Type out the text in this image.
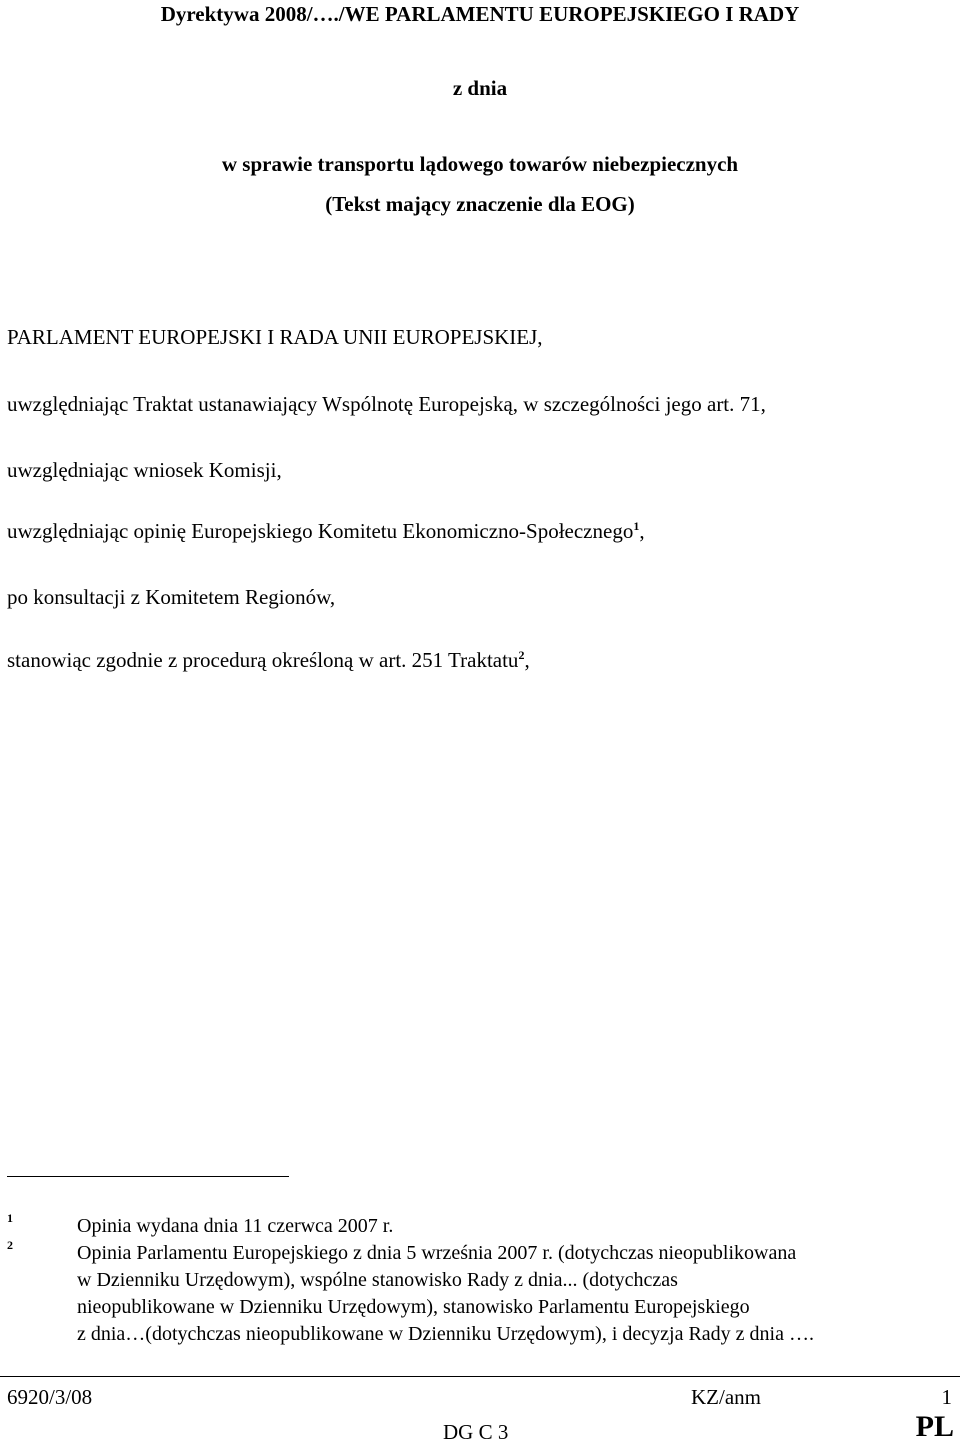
Dyrektywa 2008/…./WE PARLAMENTU EUROPEJSKIEGO I RADY
z dnia
w sprawie transportu lądowego towarów niebezpiecznych
(Tekst mający znaczenie dla EOG)
PARLAMENT EUROPEJSKI I RADA UNII EUROPEJSKIEJ,
uwzględniając Traktat ustanawiający Wspólnotę Europejską, w szczególności jego art. 71,
uwzględniając wniosek Komisji,
uwzględniając opinię Europejskiego Komitetu Ekonomiczno-Społecznego$^1$,
po konsultacji z Komitetem Regionów,
stanowiąc zgodnie z procedurą określoną w art. 251 Traktatu$^2$,
1	Opinia wydana dnia 11 czerwca 2007 r.
2	Opinia Parlamentu Europejskiego z dnia 5 września 2007 r. (dotychczas nieopublikowana
w Dzienniku Urzędowym), wspólne stanowisko Rady z dnia... (dotychczas
nieopublikowane w Dzienniku Urzędowym), stanowisko Parlamentu Europejskiego
z dnia…(dotychczas nieopublikowane w Dzienniku Urzędowym), i decyzja Rady z dnia ….
6920/3/08	KZ/anm	1
DG C 3	PL
